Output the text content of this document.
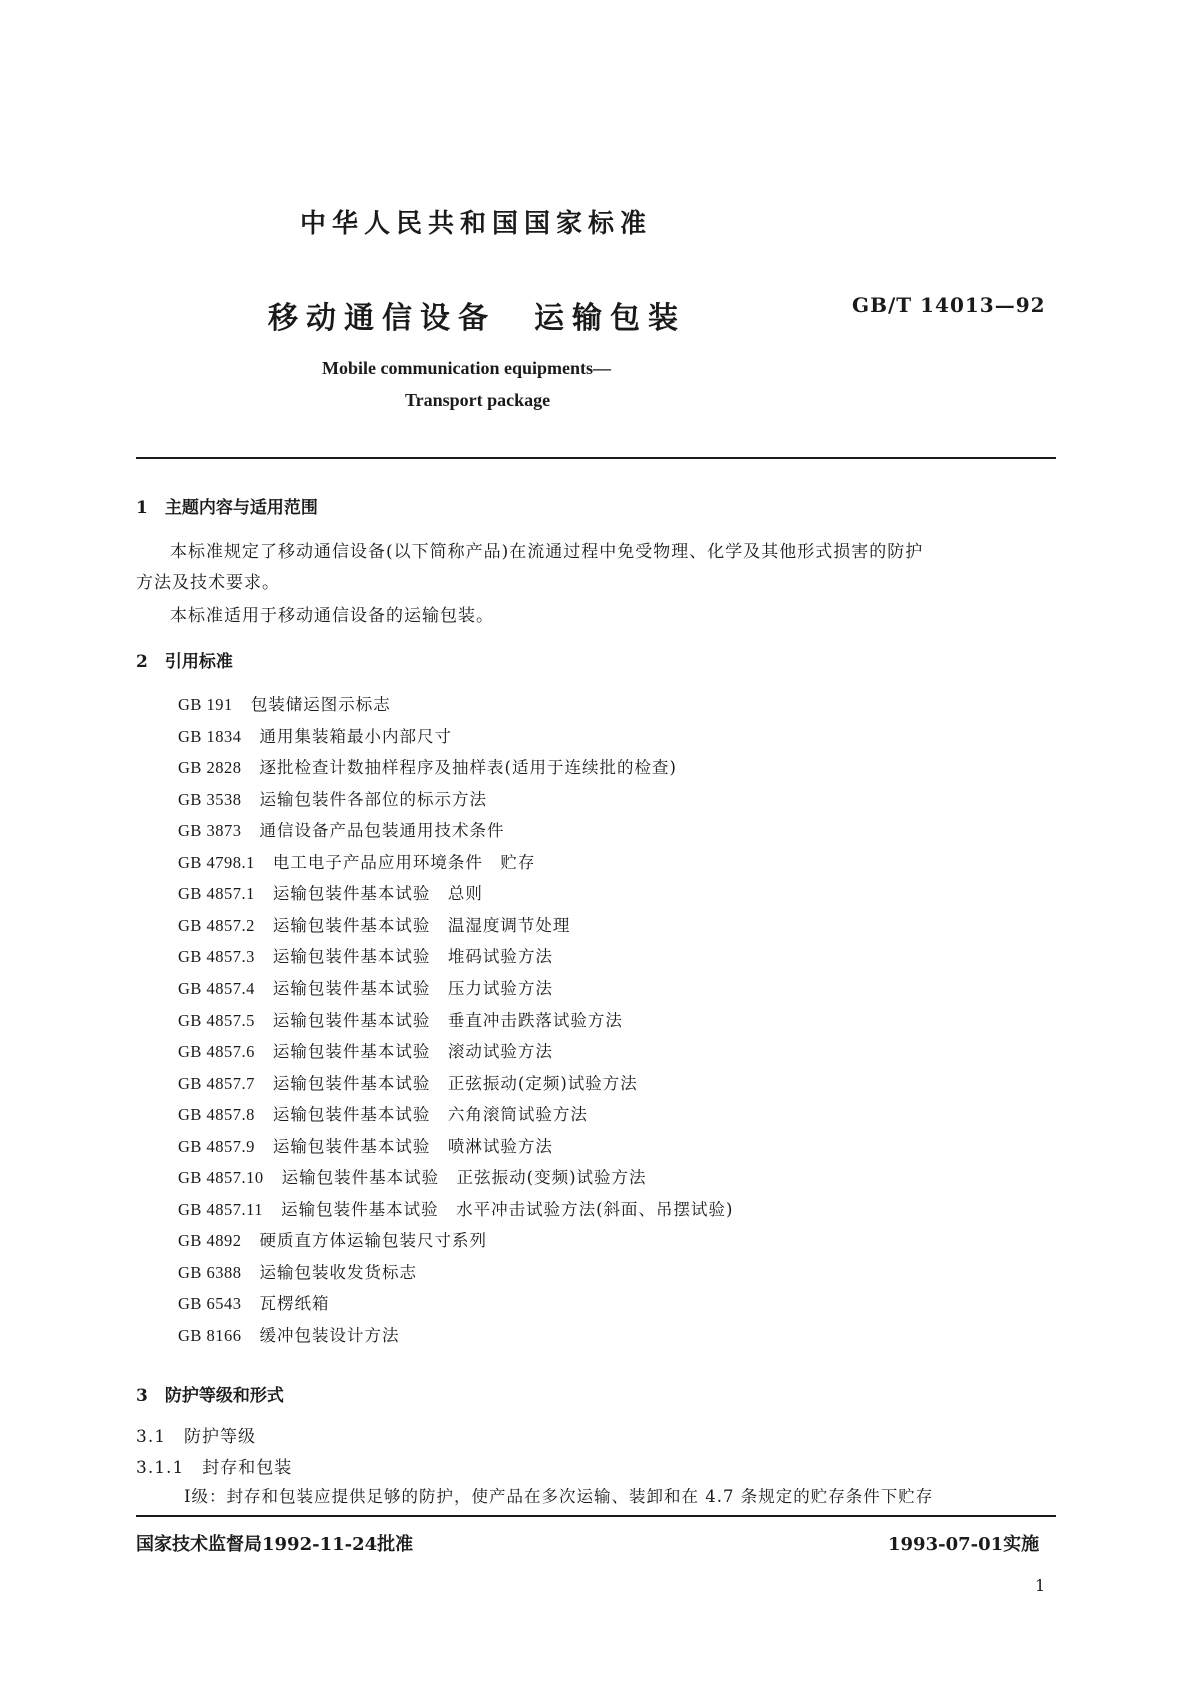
中华人民共和国国家标准
移动通信设备　运输包装	GB/T 14013—92
Mobile communication equipments—
Transport package
1　主题内容与适用范围
本标准规定了移动通信设备(以下简称产品)在流通过程中免受物理、化学及其他形式损害的防护
方法及技术要求。
本标准适用于移动通信设备的运输包装。
2　引用标准
GB 191 包装储运图示标志
GB 1834 通用集装箱最小内部尺寸
GB 2828 逐批检查计数抽样程序及抽样表(适用于连续批的检查)
GB 3538 运输包装件各部位的标示方法
GB 3873 通信设备产品包装通用技术条件
GB 4798.1 电工电子产品应用环境条件　贮存
GB 4857.1 运输包装件基本试验　总则
GB 4857.2 运输包装件基本试验　温湿度调节处理
GB 4857.3 运输包装件基本试验　堆码试验方法
GB 4857.4 运输包装件基本试验　压力试验方法
GB 4857.5 运输包装件基本试验　垂直冲击跌落试验方法
GB 4857.6 运输包装件基本试验　滚动试验方法
GB 4857.7 运输包装件基本试验　正弦振动(定频)试验方法
GB 4857.8 运输包装件基本试验　六角滚筒试验方法
GB 4857.9 运输包装件基本试验　喷淋试验方法
GB 4857.10 运输包装件基本试验　正弦振动(变频)试验方法
GB 4857.11 运输包装件基本试验　水平冲击试验方法(斜面、吊摆试验)
GB 4892 硬质直方体运输包装尺寸系列
GB 6388 运输包装收发货标志
GB 6543 瓦楞纸箱
GB 8166 缓冲包装设计方法
3　防护等级和形式
3.1　防护等级
3.1.1　封存和包装
Ⅰ级：封存和包装应提供足够的防护，使产品在多次运输、装卸和在 4.7 条规定的贮存条件下贮存
国家技术监督局1992-11-24批准	1993-07-01实施
1
